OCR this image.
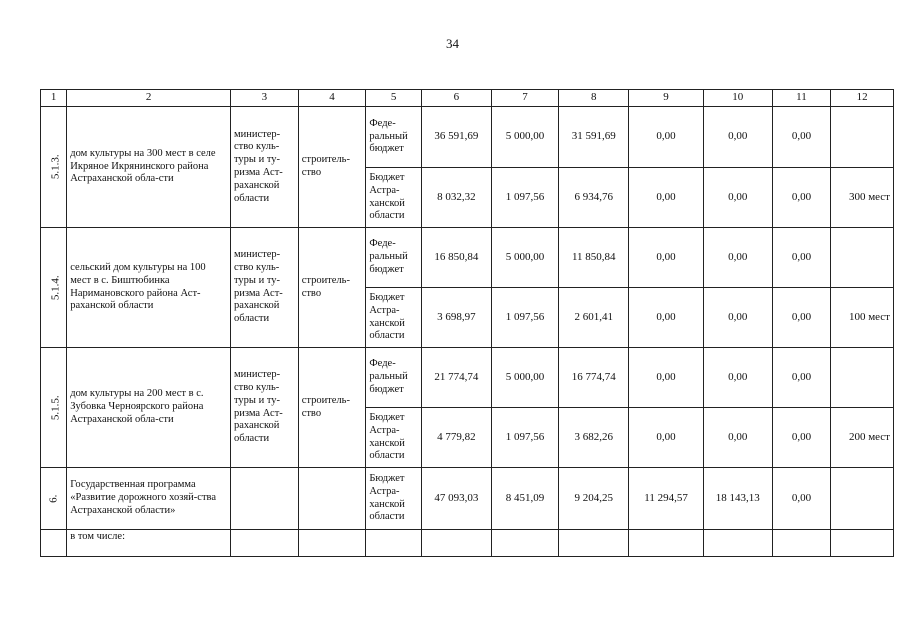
34
1	2	3	4	5	6	7	8	9	10	11	12
5.1.3.	дом культуры на 300 мест в селе Икряное Икрянинского района Астраханской обла-сти	министер-ство куль-туры и ту-ризма Аст-раханской области	строитель-ство	Феде-ральный бюджет	36 591,69	5 000,00	31 591,69	0,00	0,00	0,00	
				Бюджет Астра-ханской области	8 032,32	1 097,56	6 934,76	0,00	0,00	0,00	300 мест
5.1.4.	сельский дом культуры на 100 мест в с. Биштюбинка Наримановского района Аст-раханской области	министер-ство куль-туры и ту-ризма Аст-раханской области	строитель-ство	Феде-ральный бюджет	16 850,84	5 000,00	11 850,84	0,00	0,00	0,00	
				Бюджет Астра-ханской области	3 698,97	1 097,56	2 601,41	0,00	0,00	0,00	100 мест
5.1.5.	дом культуры на 200 мест в с. Зубовка Черноярского района Астраханской обла-сти	министер-ство куль-туры и ту-ризма Аст-раханской области	строитель-ство	Феде-ральный бюджет	21 774,74	5 000,00	16 774,74	0,00	0,00	0,00	
				Бюджет Астра-ханской области	4 779,82	1 097,56	3 682,26	0,00	0,00	0,00	200 мест
6.	Государственная программа «Развитие дорожного хозяй-ства Астраханской области»			Бюджет Астра-ханской области	47 093,03	8 451,09	9 204,25	11 294,57	18 143,13	0,00	
	в том числе:										
